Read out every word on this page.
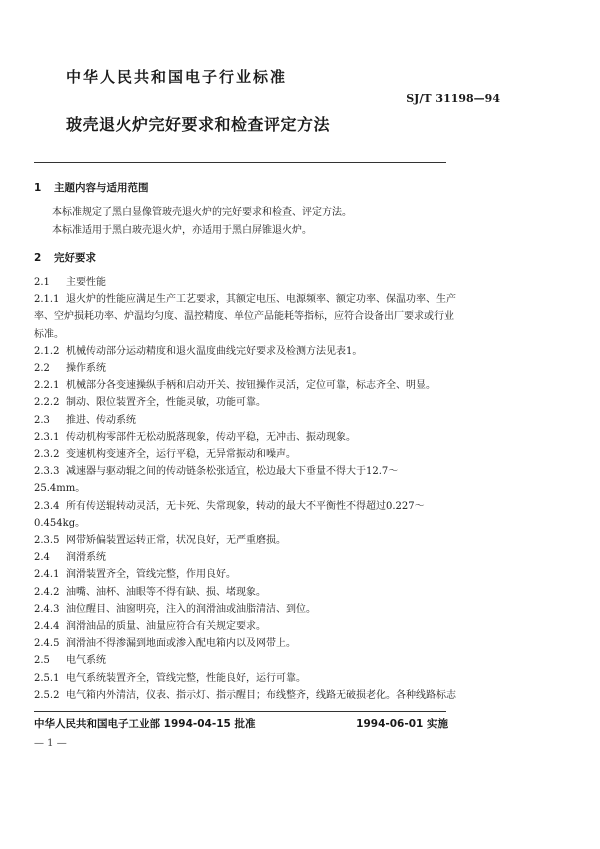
中华人民共和国电子行业标准
SJ/T 31198—94
玻壳退火炉完好要求和检查评定方法
1 主题内容与适用范围
本标准规定了黑白显像管玻壳退火炉的完好要求和检查、评定方法。
本标准适用于黑白玻壳退火炉，亦适用于黑白屏锥退火炉。
2 完好要求
2.1 主要性能
2.1.1 退火炉的性能应满足生产工艺要求，其额定电压、电源频率、额定功率、保温功率、生产
率、空炉损耗功率、炉温均匀度、温控精度、单位产品能耗等指标，应符合设备出厂要求或行业
标准。
2.1.2 机械传动部分运动精度和退火温度曲线完好要求及检测方法见表1。
2.2 操作系统
2.2.1 机械部分各变速操纵手柄和启动开关、按钮操作灵活，定位可靠，标志齐全、明显。
2.2.2 制动、限位装置齐全，性能灵敏，功能可靠。
2.3 推进、传动系统
2.3.1 传动机构零部件无松动脱落现象，传动平稳，无冲击、振动现象。
2.3.2 变速机构变速齐全，运行平稳，无异常振动和噪声。
2.3.3 减速器与驱动辊之间的传动链条松张适宜，松边最大下垂量不得大于12.7～
25.4mm。
2.3.4 所有传送辊转动灵活，无卡死、失常现象，转动的最大不平衡性不得超过0.227～
0.454kg。
2.3.5 网带矫偏装置运转正常，状况良好，无严重磨损。
2.4 润滑系统
2.4.1 润滑装置齐全，管线完整，作用良好。
2.4.2 油嘴、油杯、油眼等不得有缺、损、堵现象。
2.4.3 油位醒目、油窗明亮，注入的润滑油或油脂清洁、到位。
2.4.4 润滑油品的质量、油量应符合有关规定要求。
2.4.5 润滑油不得渗漏到地面或渗入配电箱内以及网带上。
2.5 电气系统
2.5.1 电气系统装置齐全，管线完整，性能良好，运行可靠。
2.5.2 电气箱内外清洁，仪表、指示灯、指示醒目；布线整齐，线路无破损老化。各种线路标志
中华人民共和国电子工业部 1994-04-15 批准	1994-06-01 实施
— 1 —
